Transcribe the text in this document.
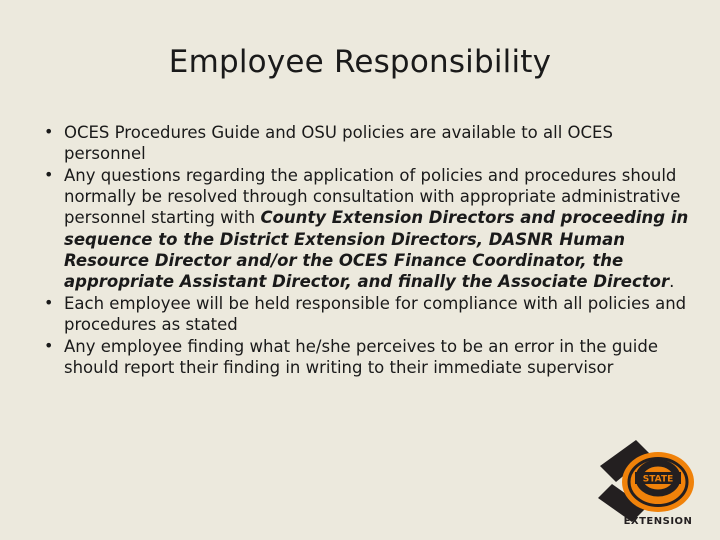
Employee Responsibility
• OCES Procedures Guide and OSU policies are available to all OCES personnel
• Any questions regarding the application of policies and procedures should normally be resolved through consultation with appropriate administrative personnel starting with County Extension Directors and proceeding in sequence to the District Extension Directors, DASNR Human Resource Director and/or the OCES Finance Coordinator, the appropriate Assistant Director, and finally the Associate Director.
• Each employee will be held responsible for compliance with all policies and procedures as stated
• Any employee finding what he/she perceives to be an error in the guide should report their finding in writing to their immediate supervisor
STATE
EXTENSION
